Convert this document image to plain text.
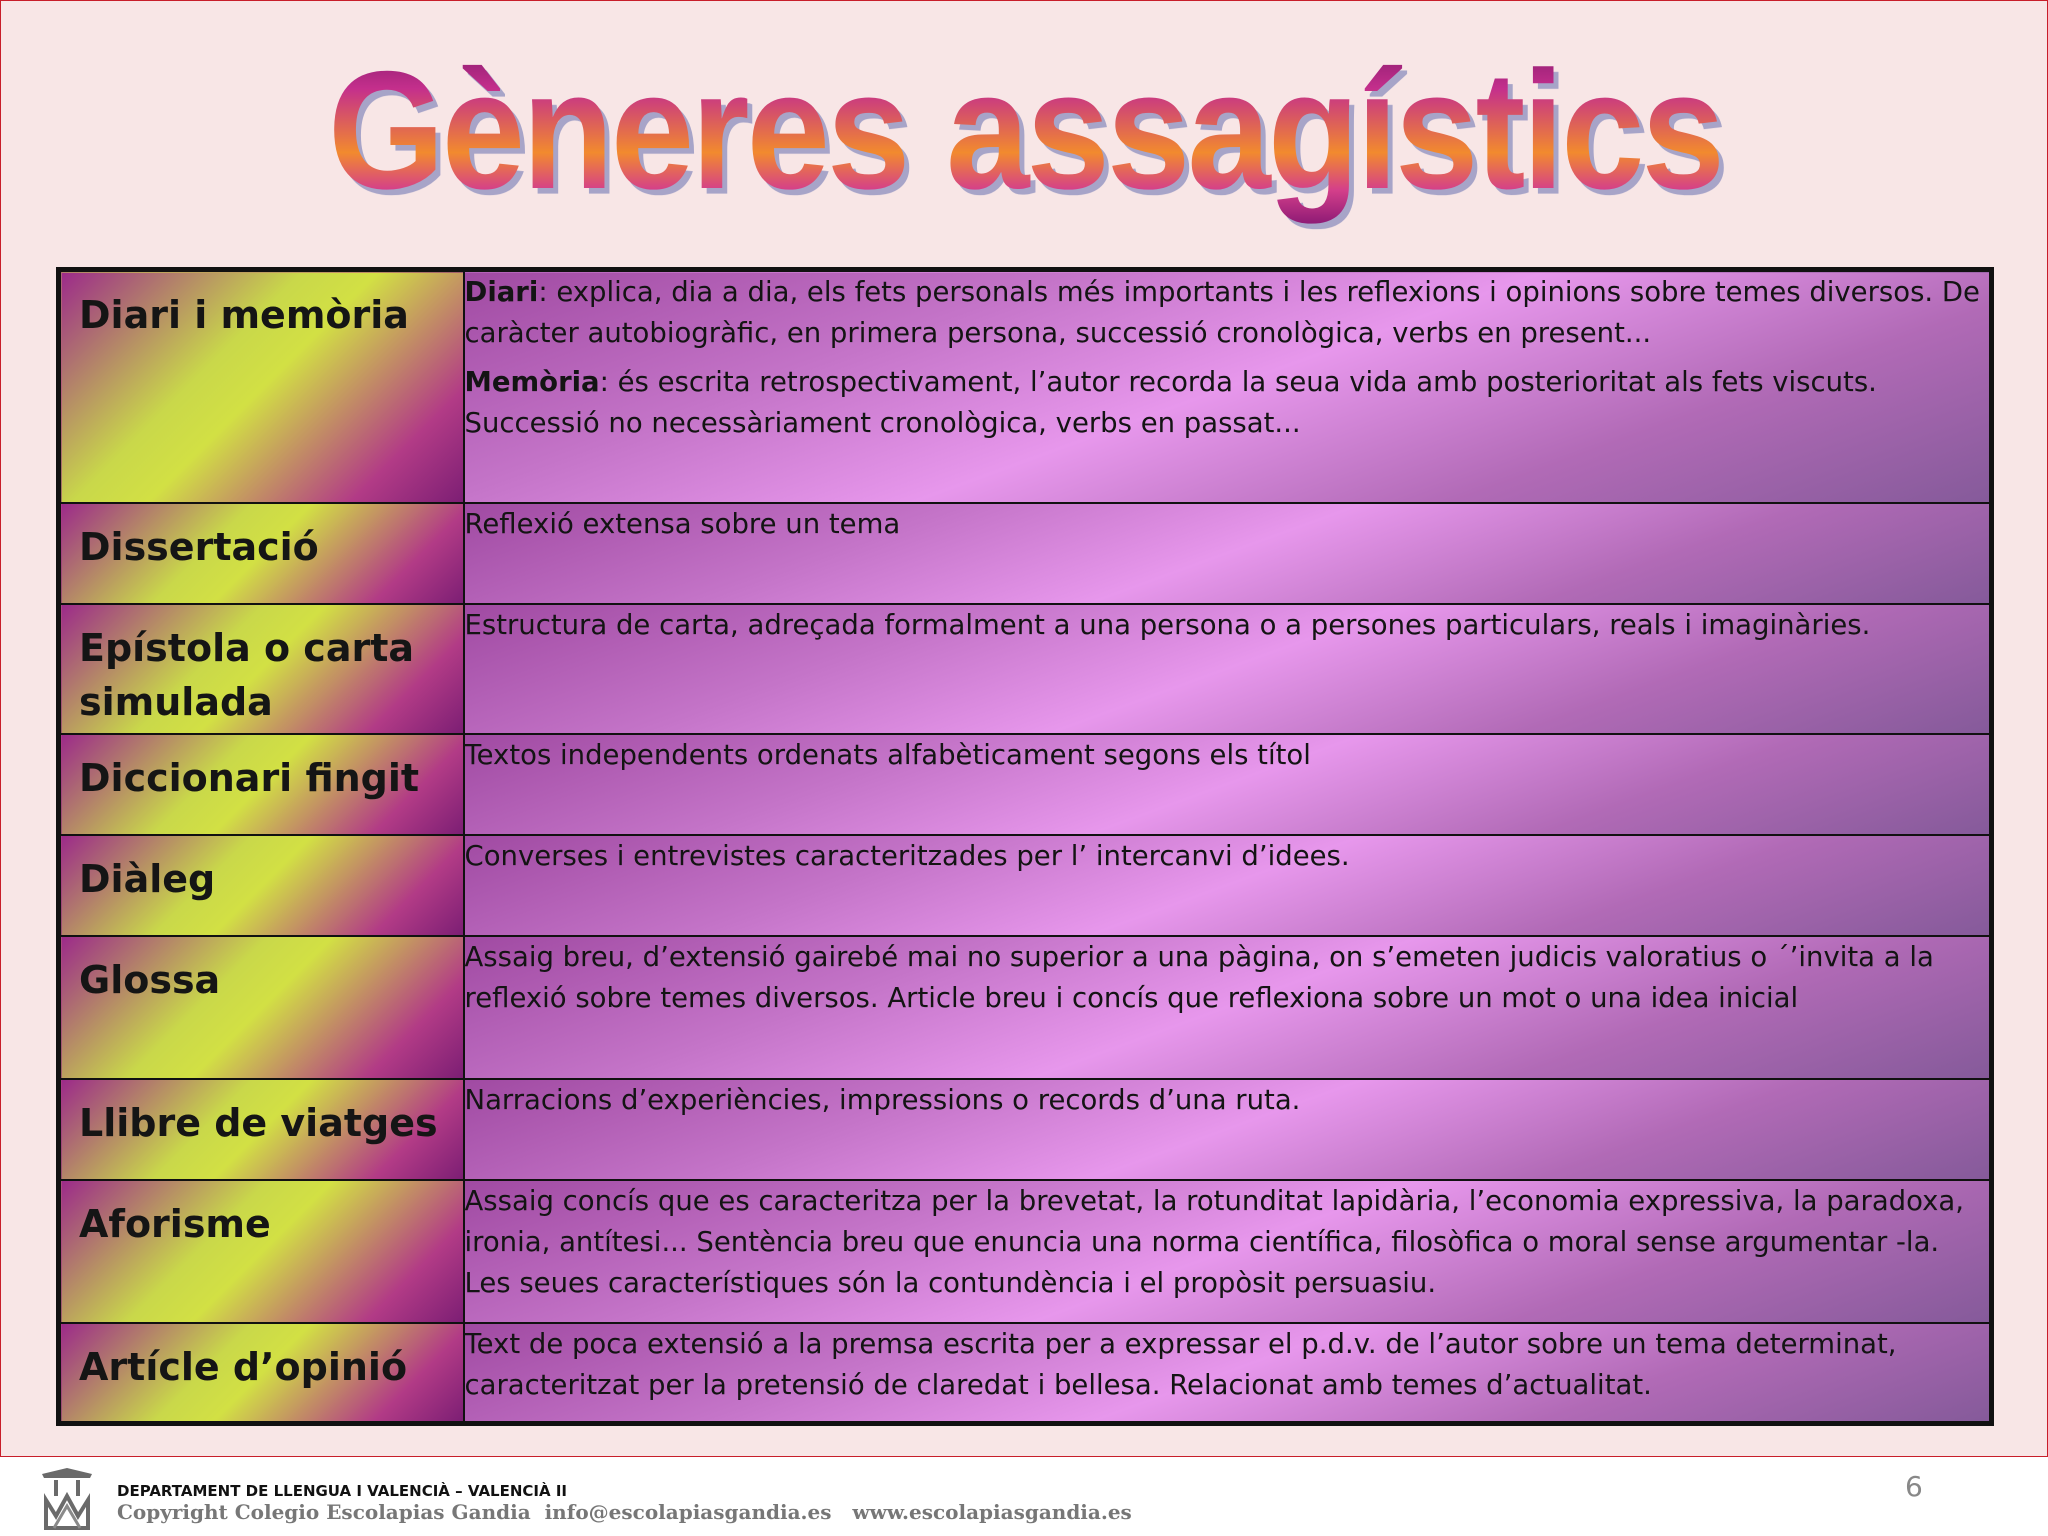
Gèneres assagístics
Diari i memòria	Diari: explica, dia a dia, els fets personals més importants i les reflexions i opinions sobre temes diversos. De caràcter autobiogràfic, en primera persona, successió cronològica, verbs en present...

Memòria: és escrita retrospectivament, l’autor recorda la seua vida amb posterioritat als fets viscuts. Successió no necessàriament cronològica, verbs en passat...

Dissertació	Reflexió extensa sobre un tema

Epístola o carta simulada	Estructura de carta, adreçada formalment a una persona o a persones particulars, reals i imaginàries.

Diccionari fingit	Textos independents ordenats alfabèticament segons els títol

Diàleg	Converses i entrevistes caracteritzades per l’ intercanvi d’idees.

Glossa	Assaig breu, d’extensió gairebé mai no superior a una pàgina, on s’emeten judicis valoratius o ´’invita a la reflexió sobre temes diversos. Article breu i concís que reflexiona sobre un mot o una idea inicial

Llibre de viatges	Narracions d’experiències, impressions o records d’una ruta.

Aforisme	Assaig concís que es caracteritza per la brevetat, la rotunditat lapidària, l’economia expressiva, la paradoxa, ironia, antítesi... Sentència breu que enuncia una norma científica, filosòfica o moral sense argumentar -la. Les seues característiques són la contundència i el propòsit persuasiu.

Artícle d’opinió	Text de poca extensió a la premsa escrita per a expressar el p.d.v. de l’autor sobre un tema determinat, caracteritzat per la pretensió de claredat i bellesa. Relacionat amb temes d’actualitat.
DEPARTAMENT DE LLENGUA I VALENCIÀ – VALENCIÀ II
Copyright Colegio Escolapias Gandia  info@escolapiasgandia.es   www.escolapiasgandia.es
6
